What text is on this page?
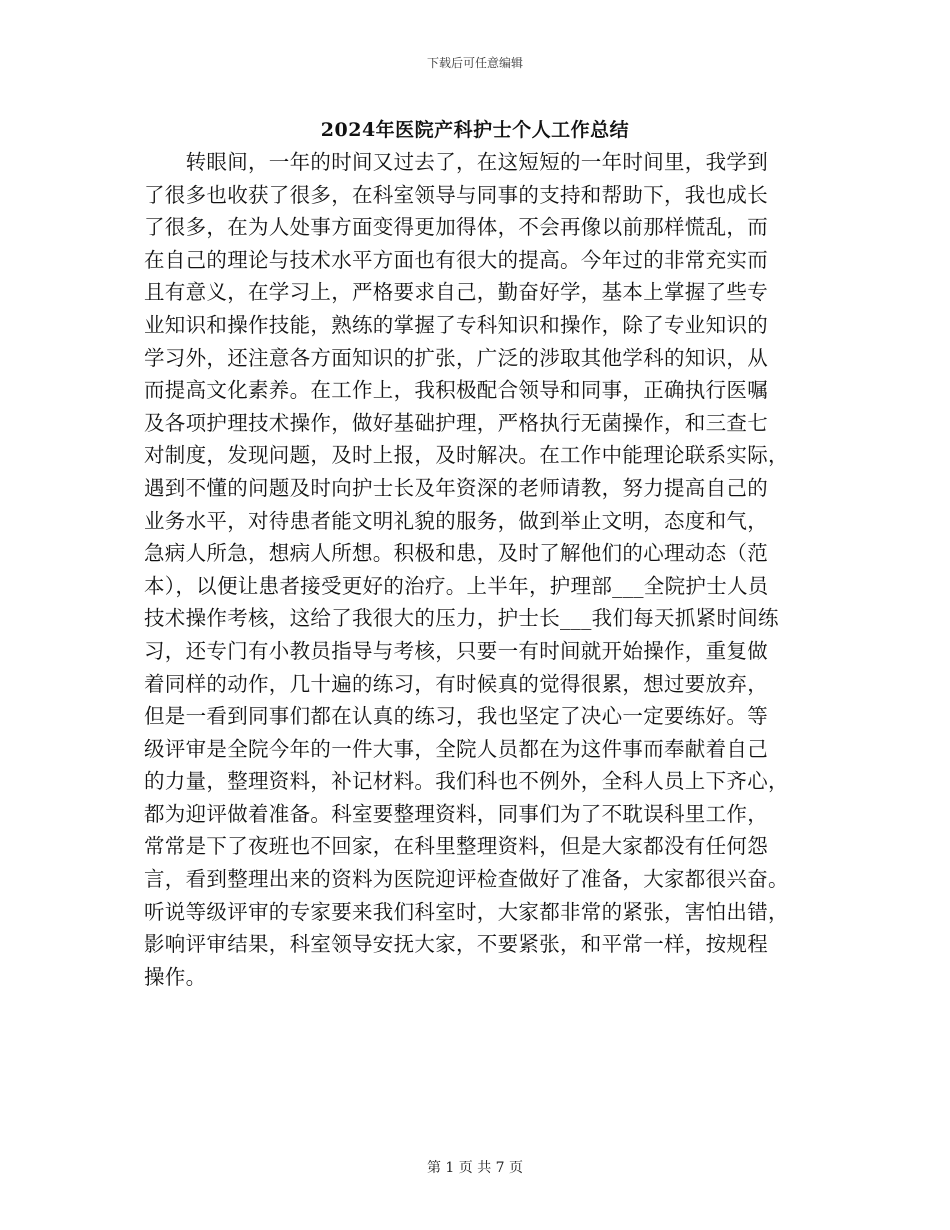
下载后可任意编辑
2024年医院产科护士个人工作总结
　　转眼间，一年的时间又过去了，在这短短的一年时间里，我学到
了很多也收获了很多，在科室领导与同事的支持和帮助下，我也成长
了很多，在为人处事方面变得更加得体，不会再像以前那样慌乱，而
在自己的理论与技术水平方面也有很大的提高。今年过的非常充实而
且有意义，在学习上，严格要求自己，勤奋好学，基本上掌握了些专
业知识和操作技能，熟练的掌握了专科知识和操作，除了专业知识的
学习外，还注意各方面知识的扩张，广泛的涉取其他学科的知识，从
而提高文化素养。在工作上，我积极配合领导和同事，正确执行医嘱
及各项护理技术操作，做好基础护理，严格执行无菌操作，和三查七
对制度，发现问题，及时上报，及时解决。在工作中能理论联系实际，
遇到不懂的问题及时向护士长及年资深的老师请教，努力提高自己的
业务水平，对待患者能文明礼貌的服务，做到举止文明，态度和气，
急病人所急，想病人所想。积极和患，及时了解他们的心理动态（范
本），以便让患者接受更好的治疗。上半年，护理部___全院护士人员
技术操作考核，这给了我很大的压力，护士长___我们每天抓紧时间练
习，还专门有小教员指导与考核，只要一有时间就开始操作，重复做
着同样的动作，几十遍的练习，有时候真的觉得很累，想过要放弃，
但是一看到同事们都在认真的练习，我也坚定了决心一定要练好。等
级评审是全院今年的一件大事，全院人员都在为这件事而奉献着自己
的力量，整理资料，补记材料。我们科也不例外，全科人员上下齐心，
都为迎评做着准备。科室要整理资料，同事们为了不耽误科里工作，
常常是下了夜班也不回家，在科里整理资料，但是大家都没有任何怨
言，看到整理出来的资料为医院迎评检查做好了准备，大家都很兴奋。
听说等级评审的专家要来我们科室时，大家都非常的紧张，害怕出错，
影响评审结果，科室领导安抚大家，不要紧张，和平常一样，按规程
操作。
第 1 页 共 7 页
